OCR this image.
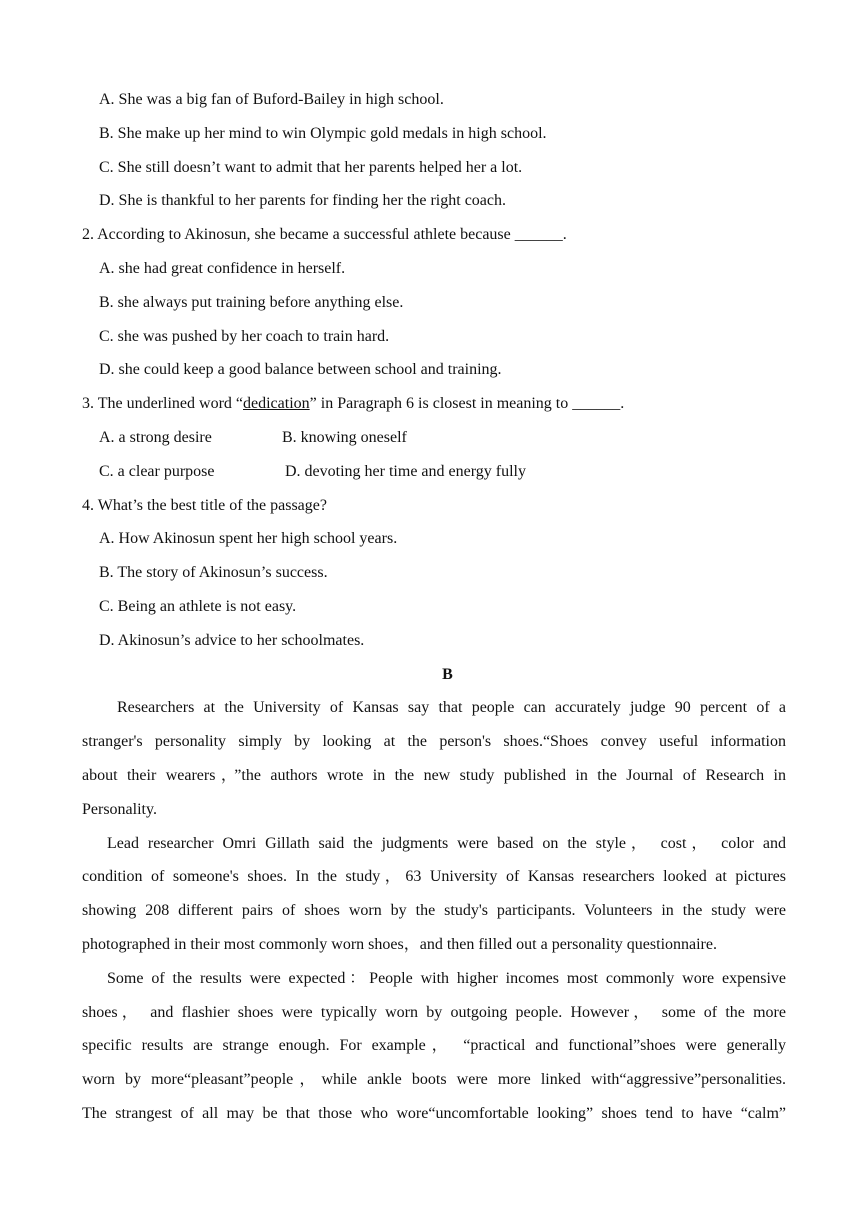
A. She was a big fan of Buford-Bailey in high school.
B. She make up her mind to win Olympic gold medals in high school.
C. She still doesn’t want to admit that her parents helped her a lot.
D. She is thankful to her parents for finding her the right coach.
2. According to Akinosun, she became a successful athlete because ______.
A. she had great confidence in herself.
B. she always put training before anything else.
C. she was pushed by her coach to train hard.
D. she could keep a good balance between school and training.
3. The underlined word “dedication” in Paragraph 6 is closest in meaning to ______.
A. a strong desire	B. knowing oneself
C. a clear purpose	D. devoting her time and energy fully
4. What’s the best title of the passage?
A. How Akinosun spent her high school years.
B. The story of Akinosun’s success.
C. Being an athlete is not easy.
D. Akinosun’s advice to her schoolmates.
B
Researchers at the University of Kansas say that people can accurately judge 90 percent of a
stranger's personality simply by looking at the person's shoes.“Shoes convey useful information
about their wearers，”the authors wrote in the new study published in the Journal of Research in
Personality.
Lead researcher Omri Gillath said the judgments were based on the style， cost， color and
condition of someone's shoes. In the study，63 University of Kansas researchers looked at pictures
showing 208 different pairs of shoes worn by the study's participants. Volunteers in the study were
photographed in their most commonly worn shoes，and then filled out a personality questionnaire.
Some of the results were expected：People with higher incomes most commonly wore expensive
shoes， and flashier shoes were typically worn by outgoing people. However， some of the more
specific results are strange enough. For example， “practical and functional”shoes were generally
worn by more“pleasant”people，while ankle boots were more linked with“aggressive”personalities.
The strangest of all may be that those who wore“uncomfortable looking” shoes tend to have “calm”
